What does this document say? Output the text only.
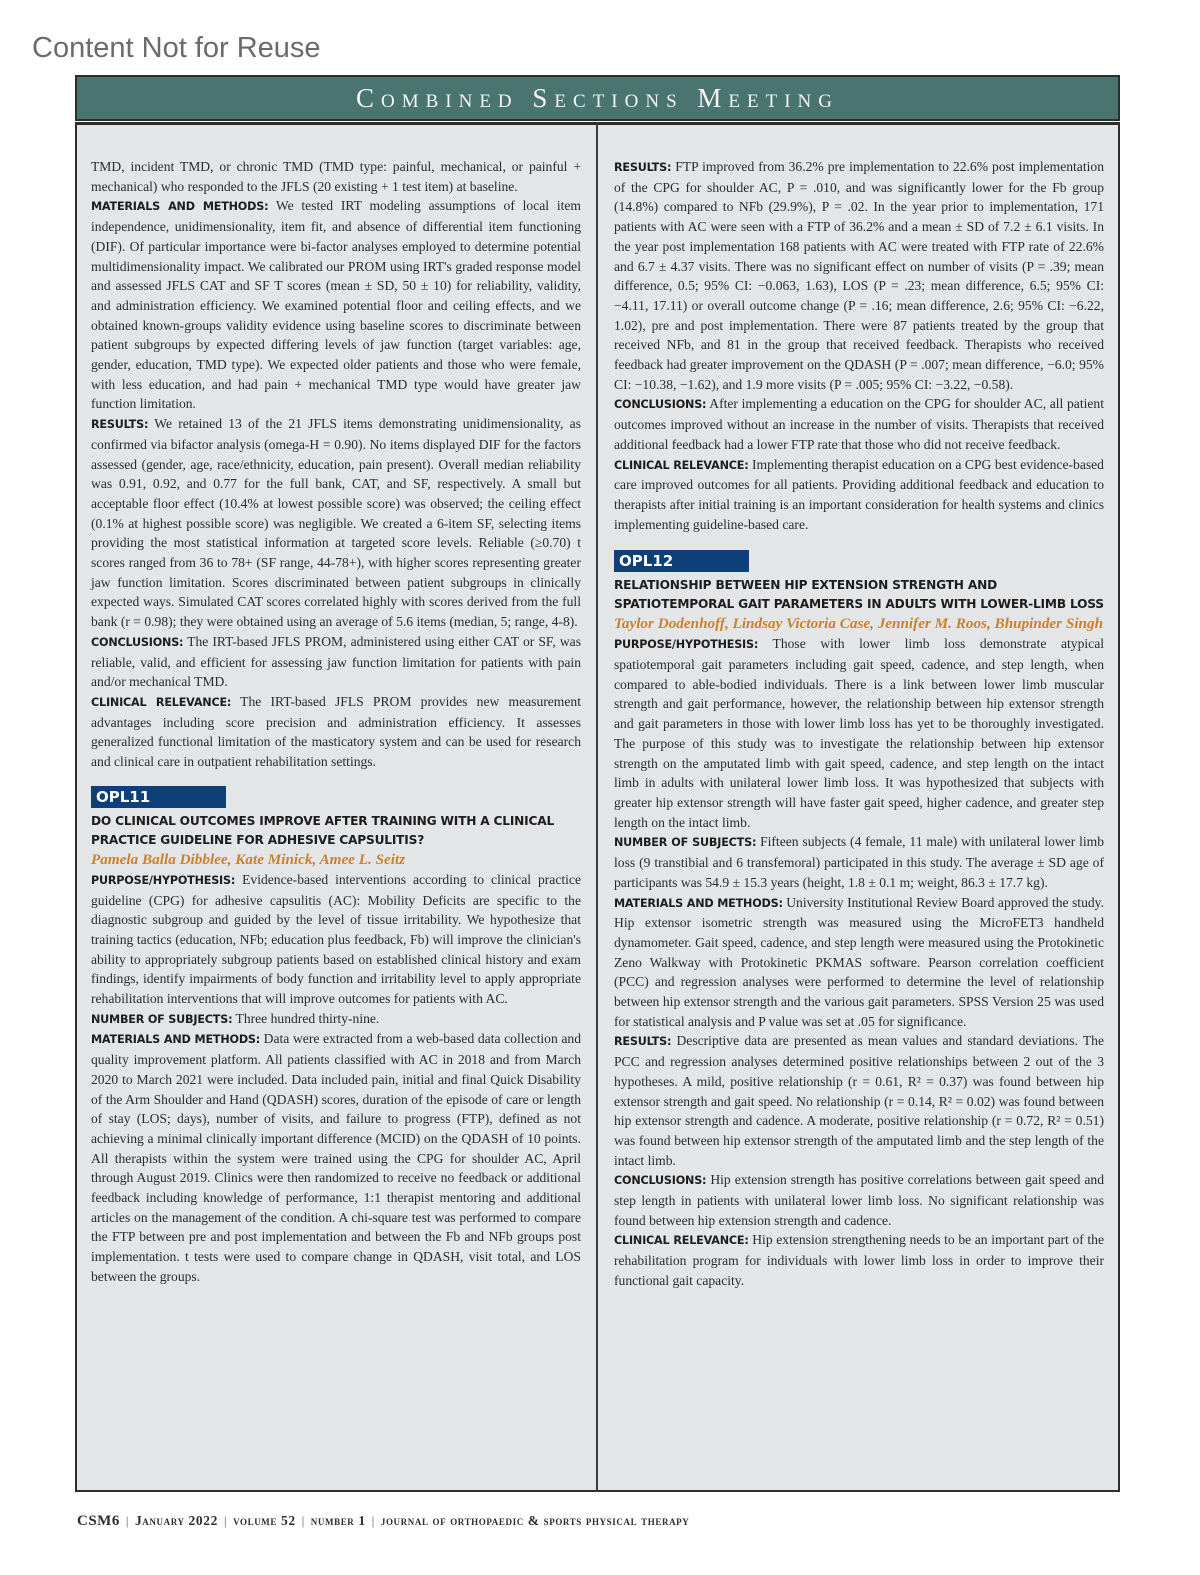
Content Not for Reuse
Combined Sections Meeting

TMD, incident TMD, or chronic TMD (TMD type: painful, mechanical, or painful + mechanical) who responded to the JFLS (20 existing + 1 test item) at baseline.

MATERIALS AND METHODS: We tested IRT modeling assumptions of local item independence, unidimensionality, item fit, and absence of differential item functioning (DIF). Of particular importance were bi-factor analyses employed to determine potential multidimensionality impact. We calibrated our PROM using IRT's graded response model and assessed JFLS CAT and SF T scores (mean ± SD, 50 ± 10) for reliability, validity, and administration efficiency. We examined potential floor and ceiling effects, and we obtained known-groups validity evidence using baseline scores to discriminate between patient subgroups by expected differing levels of jaw function (target variables: age, gender, education, TMD type). We expected older patients and those who were female, with less education, and had pain + mechanical TMD type would have greater jaw function limitation.

RESULTS: We retained 13 of the 21 JFLS items demonstrating unidimensionality, as confirmed via bifactor analysis (omega-H = 0.90). No items displayed DIF for the factors assessed (gender, age, race/ethnicity, education, pain present). Overall median reliability was 0.91, 0.92, and 0.77 for the full bank, CAT, and SF, respectively. A small but acceptable floor effect (10.4% at lowest possible score) was observed; the ceiling effect (0.1% at highest possible score) was negligible. We created a 6-item SF, selecting items providing the most statistical information at targeted score levels. Reliable (≥0.70) t scores ranged from 36 to 78+ (SF range, 44-78+), with higher scores representing greater jaw function limitation. Scores discriminated between patient subgroups in clinically expected ways. Simulated CAT scores correlated highly with scores derived from the full bank (r = 0.98); they were obtained using an average of 5.6 items (median, 5; range, 4-8).

CONCLUSIONS: The IRT-based JFLS PROM, administered using either CAT or SF, was reliable, valid, and efficient for assessing jaw function limitation for patients with pain and/or mechanical TMD.

CLINICAL RELEVANCE: The IRT-based JFLS PROM provides new measurement advantages including score precision and administration efficiency. It assesses generalized functional limitation of the masticatory system and can be used for research and clinical care in outpatient rehabilitation settings.

OPL11
DO CLINICAL OUTCOMES IMPROVE AFTER TRAINING WITH A CLINICAL PRACTICE GUIDELINE FOR ADHESIVE CAPSULITIS?
Pamela Balla Dibblee, Kate Minick, Amee L. Seitz

PURPOSE/HYPOTHESIS: Evidence-based interventions according to clinical practice guideline (CPG) for adhesive capsulitis (AC): Mobility Deficits are specific to the diagnostic subgroup and guided by the level of tissue irritability. We hypothesize that training tactics (education, NFb; education plus feedback, Fb) will improve the clinician's ability to appropriately subgroup patients based on established clinical history and exam findings, identify impairments of body function and irritability level to apply appropriate rehabilitation interventions that will improve outcomes for patients with AC.

NUMBER OF SUBJECTS: Three hundred thirty-nine.

MATERIALS AND METHODS: Data were extracted from a web-based data collection and quality improvement platform. All patients classified with AC in 2018 and from March 2020 to March 2021 were included. Data included pain, initial and final Quick Disability of the Arm Shoulder and Hand (QDASH) scores, duration of the episode of care or length of stay (LOS; days), number of visits, and failure to progress (FTP), defined as not achieving a minimal clinically important difference (MCID) on the QDASH of 10 points. All therapists within the system were trained using the CPG for shoulder AC, April through August 2019. Clinics were then randomized to receive no feedback or additional feedback including knowledge of performance, 1:1 therapist mentoring and additional articles on the management of the condition. A chi-square test was performed to compare the FTP between pre and post implementation and between the Fb and NFb groups post implementation. t tests were used to compare change in QDASH, visit total, and LOS between the groups.

RESULTS: FTP improved from 36.2% pre implementation to 22.6% post implementation of the CPG for shoulder AC, P = .010, and was significantly lower for the Fb group (14.8%) compared to NFb (29.9%), P = .02. In the year prior to implementation, 171 patients with AC were seen with a FTP of 36.2% and a mean ± SD of 7.2 ± 6.1 visits. In the year post implementation 168 patients with AC were treated with FTP rate of 22.6% and 6.7 ± 4.37 visits. There was no significant effect on number of visits (P = .39; mean difference, 0.5; 95% CI: −0.063, 1.63), LOS (P = .23; mean difference, 6.5; 95% CI: −4.11, 17.11) or overall outcome change (P = .16; mean difference, 2.6; 95% CI: −6.22, 1.02), pre and post implementation. There were 87 patients treated by the group that received NFb, and 81 in the group that received feedback. Therapists who received feedback had greater improvement on the QDASH (P = .007; mean difference, −6.0; 95% CI: −10.38, −1.62), and 1.9 more visits (P = .005; 95% CI: −3.22, −0.58).

CONCLUSIONS: After implementing a education on the CPG for shoulder AC, all patient outcomes improved without an increase in the number of visits. Therapists that received additional feedback had a lower FTP rate that those who did not receive feedback.

CLINICAL RELEVANCE: Implementing therapist education on a CPG best evidence-based care improved outcomes for all patients. Providing additional feedback and education to therapists after initial training is an important consideration for health systems and clinics implementing guideline-based care.

OPL12
RELATIONSHIP BETWEEN HIP EXTENSION STRENGTH AND SPATIOTEMPORAL GAIT PARAMETERS IN ADULTS WITH LOWER-LIMB LOSS
Taylor Dodenhoff, Lindsay Victoria Case, Jennifer M. Roos, Bhupinder Singh

PURPOSE/HYPOTHESIS: Those with lower limb loss demonstrate atypical spatiotemporal gait parameters including gait speed, cadence, and step length, when compared to able-bodied individuals. There is a link between lower limb muscular strength and gait performance, however, the relationship between hip extensor strength and gait parameters in those with lower limb loss has yet to be thoroughly investigated. The purpose of this study was to investigate the relationship between hip extensor strength on the amputated limb with gait speed, cadence, and step length on the intact limb in adults with unilateral lower limb loss. It was hypothesized that subjects with greater hip extensor strength will have faster gait speed, higher cadence, and greater step length on the intact limb.

NUMBER OF SUBJECTS: Fifteen subjects (4 female, 11 male) with unilateral lower limb loss (9 transtibial and 6 transfemoral) participated in this study. The average ± SD age of participants was 54.9 ± 15.3 years (height, 1.8 ± 0.1 m; weight, 86.3 ± 17.7 kg).

MATERIALS AND METHODS: University Institutional Review Board approved the study. Hip extensor isometric strength was measured using the MicroFET3 handheld dynamometer. Gait speed, cadence, and step length were measured using the Protokinetic Zeno Walkway with Protokinetic PKMAS software. Pearson correlation coefficient (PCC) and regression analyses were performed to determine the level of relationship between hip extensor strength and the various gait parameters. SPSS Version 25 was used for statistical analysis and P value was set at .05 for significance.

RESULTS: Descriptive data are presented as mean values and standard deviations. The PCC and regression analyses determined positive relationships between 2 out of the 3 hypotheses. A mild, positive relationship (r = 0.61, R² = 0.37) was found between hip extensor strength and gait speed. No relationship (r = 0.14, R² = 0.02) was found between hip extensor strength and cadence. A moderate, positive relationship (r = 0.72, R² = 0.51) was found between hip extensor strength of the amputated limb and the step length of the intact limb.

CONCLUSIONS: Hip extension strength has positive correlations between gait speed and step length in patients with unilateral lower limb loss. No significant relationship was found between hip extension strength and cadence.

CLINICAL RELEVANCE: Hip extension strengthening needs to be an important part of the rehabilitation program for individuals with lower limb loss in order to improve their functional gait capacity.

CSM6 | January 2022 | volume 52 | number 1 | journal of orthopaedic & sports physical therapy
